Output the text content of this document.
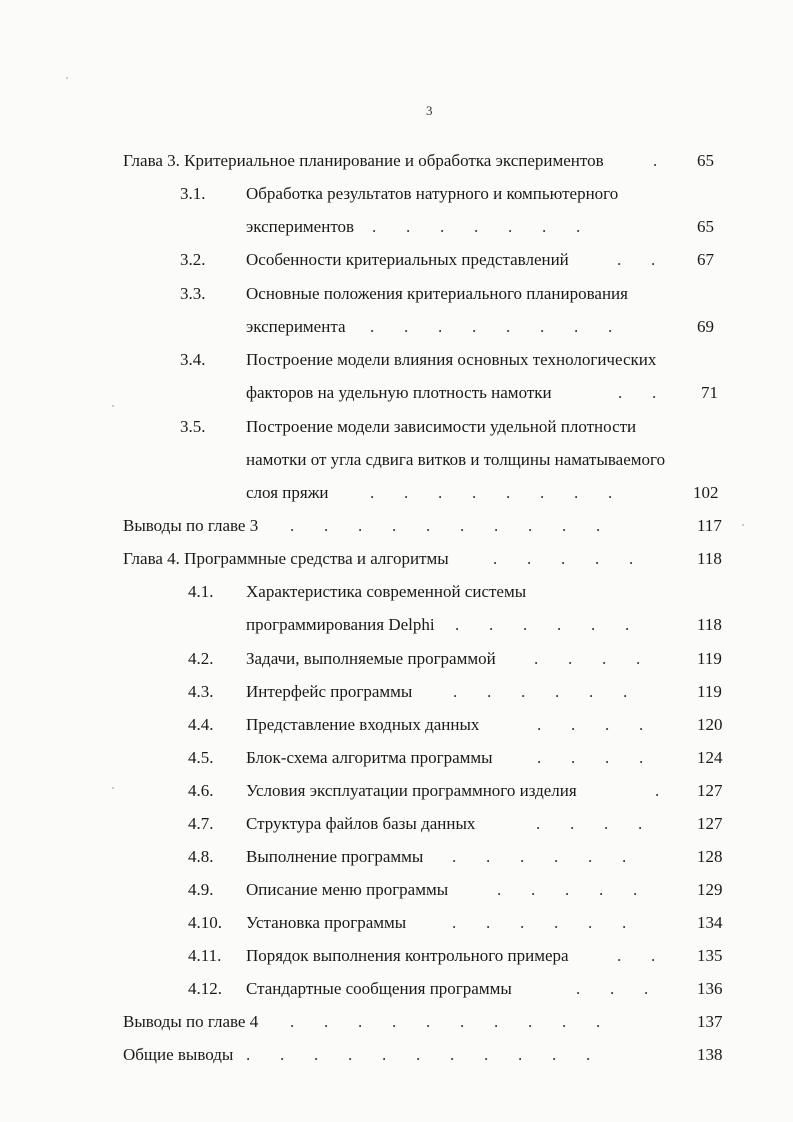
3
Глава 3. Критериальное планирование и обработка экспериментов	. 65
3.1. Обработка результатов натурного и компьютерного
экспериментов .       .       .       .       .       .       .	65
3.2. Особенности критериальных представлений	.       . 67
3.3. Основные положения критериального планирования
эксперимента .       .       .       .       .       .       .       .	69
3.4. Построение модели влияния основных технологических
факторов на удельную плотность намотки	.       .	71
3.5. Построение модели зависимости удельной плотности
намотки от угла сдвига витков и толщины наматываемого
слоя пряжи .       .       .       .       .       .       .       .	102
Выводы по главе 3 .       .       .       .       .       .       .       .       .       .	117
Глава 4. Программные средства и алгоритмы	.       .       .       .       .	118
4.1. Характеристика современной системы
программирования Delphi .       .       .       .       .       .	118
4.2. Задачи, выполняемые программой .       .       .       .	119
4.3. Интерфейс программы .       .       .       .       .       .	119
4.4. Представление входных данных	.       .       .       .	120
4.5. Блок-схема алгоритма программы	.       .       .       .	124
4.6. Условия эксплуатации программного изделия	. 127
4.7. Структура файлов базы данных	.       .       .       .	127
4.8. Выполнение программы .       .       .       .       .       .	128
4.9. Описание меню программы	.       .       .       .       .	129
4.10. Установка программы	.       .       .       .       .       .	134
4.11. Порядок выполнения контрольного примера	.       . 135
4.12. Стандартные сообщения программы	.       .       .	136
Выводы по главе 4 .       .       .       .       .       .       .       .       .       .	137
Общие выводы .       .       .       .       .       .       .       .       .       .       .	138
